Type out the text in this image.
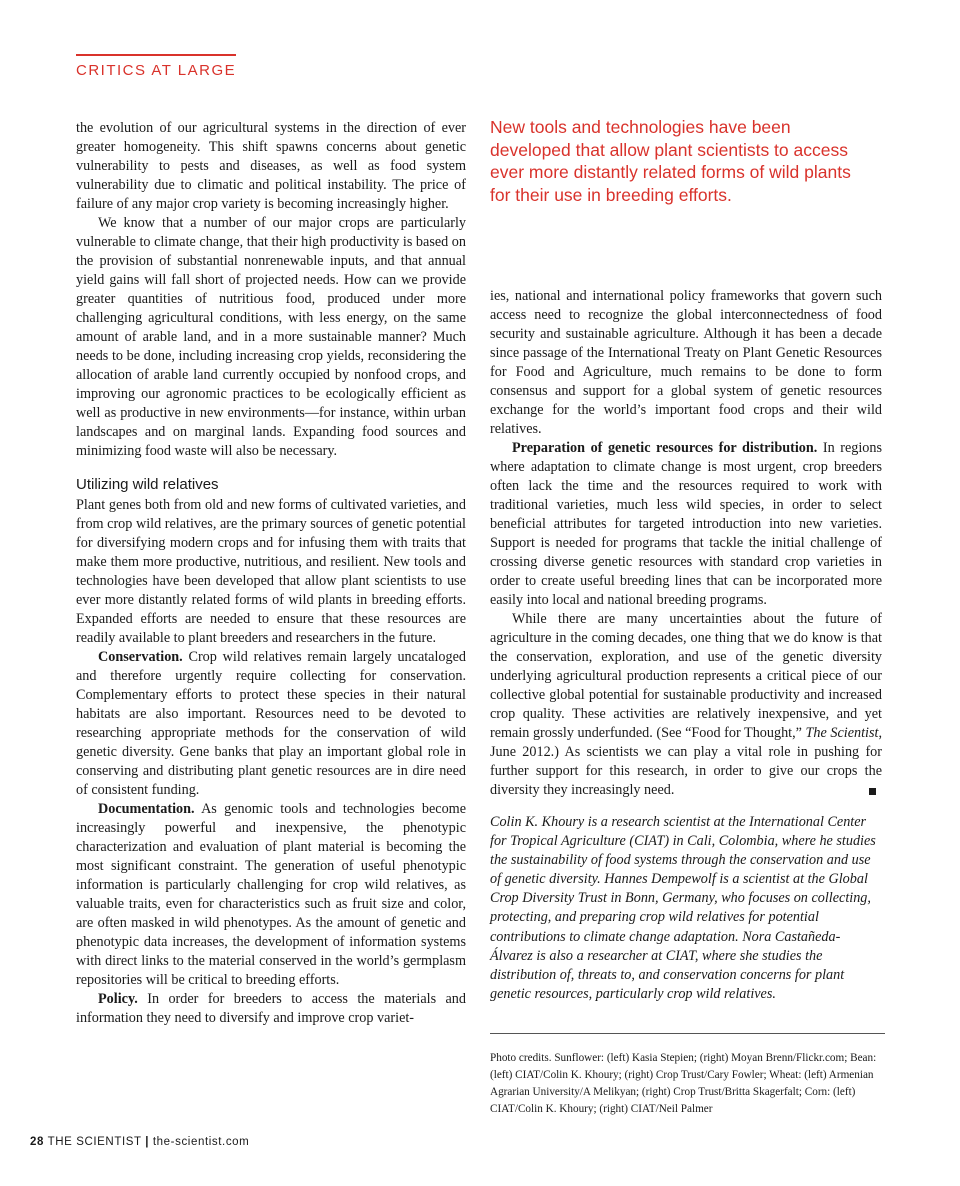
CRITICS AT LARGE

the evolution of our agricultural systems in the direction of ever greater homogeneity. This shift spawns concerns about genetic vulnerability to pests and diseases, as well as food system vulnerability due to climatic and political instability. The price of failure of any major crop variety is becoming increasingly higher.

We know that a number of our major crops are particularly vulnerable to climate change, that their high productivity is based on the provision of substantial nonrenewable inputs, and that annual yield gains will fall short of projected needs. How can we provide greater quantities of nutritious food, produced under more challenging agricultural conditions, with less energy, on the same amount of arable land, and in a more sustainable manner? Much needs to be done, including increasing crop yields, reconsidering the allocation of arable land currently occupied by nonfood crops, and improving our agronomic practices to be ecologically efficient as well as productive in new environments—for instance, within urban landscapes and on marginal lands. Expanding food sources and minimizing food waste will also be necessary.

Utilizing wild relatives

Plant genes both from old and new forms of cultivated varieties, and from crop wild relatives, are the primary sources of genetic potential for diversifying modern crops and for infusing them with traits that make them more productive, nutritious, and resilient. New tools and technologies have been developed that allow plant scientists to use ever more distantly related forms of wild plants in breeding efforts. Expanded efforts are needed to ensure that these resources are readily available to plant breeders and researchers in the future.

Conservation. Crop wild relatives remain largely uncataloged and therefore urgently require collecting for conservation. Complementary efforts to protect these species in their natural habitats are also important. Resources need to be devoted to researching appropriate methods for the conservation of wild genetic diversity. Gene banks that play an important global role in conserving and distributing plant genetic resources are in dire need of consistent funding.

Documentation. As genomic tools and technologies become increasingly powerful and inexpensive, the phenotypic characterization and evaluation of plant material is becoming the most significant constraint. The generation of useful phenotypic information is particularly challenging for crop wild relatives, as valuable traits, even for characteristics such as fruit size and color, are often masked in wild phenotypes. As the amount of genetic and phenotypic data increases, the development of information systems with direct links to the material conserved in the world’s germplasm repositories will be critical to breeding efforts.

Policy. In order for breeders to access the materials and information they need to diversify and improve crop variet-

New tools and technologies have been developed that allow plant scientists to access ever more distantly related forms of wild plants for their use in breeding efforts.

ies, national and international policy frameworks that govern such access need to recognize the global interconnectedness of food security and sustainable agriculture. Although it has been a decade since passage of the International Treaty on Plant Genetic Resources for Food and Agriculture, much remains to be done to form consensus and support for a global system of genetic resources exchange for the world’s important food crops and their wild relatives.

Preparation of genetic resources for distribution. In regions where adaptation to climate change is most urgent, crop breeders often lack the time and the resources required to work with traditional varieties, much less wild species, in order to select beneficial attributes for targeted introduction into new varieties. Support is needed for programs that tackle the initial challenge of crossing diverse genetic resources with standard crop varieties in order to create useful breeding lines that can be incorporated more easily into local and national breeding programs.

While there are many uncertainties about the future of agriculture in the coming decades, one thing that we do know is that the conservation, exploration, and use of the genetic diversity underlying agricultural production represents a critical piece of our collective global potential for sustainable productivity and increased crop quality. These activities are relatively inexpensive, and yet remain grossly underfunded. (See “Food for Thought,” The Scientist, June 2012.) As scientists we can play a vital role in pushing for further support for this research, in order to give our crops the diversity they increasingly need.

Colin K. Khoury is a research scientist at the International Center for Tropical Agriculture (CIAT) in Cali, Colombia, where he studies the sustainability of food systems through the conservation and use of genetic diversity. Hannes Dempewolf is a scientist at the Global Crop Diversity Trust in Bonn, Germany, who focuses on collecting, protecting, and preparing crop wild relatives for potential contributions to climate change adaptation. Nora Castañeda-Álvarez is also a researcher at CIAT, where she studies the distribution of, threats to, and conservation concerns for plant genetic resources, particularly crop wild relatives.
Photo credits. Sunflower: (left) Kasia Stepien; (right) Moyan Brenn/Flickr.com; Bean: (left) CIAT/Colin K. Khoury; (right) Crop Trust/Cary Fowler; Wheat: (left) Armenian Agrarian University/A Melikyan; (right) Crop Trust/Britta Skagerfalt; Corn: (left) CIAT/Colin K. Khoury; (right) CIAT/Neil Palmer
28 THE SCIENTIST | the-scientist.com
